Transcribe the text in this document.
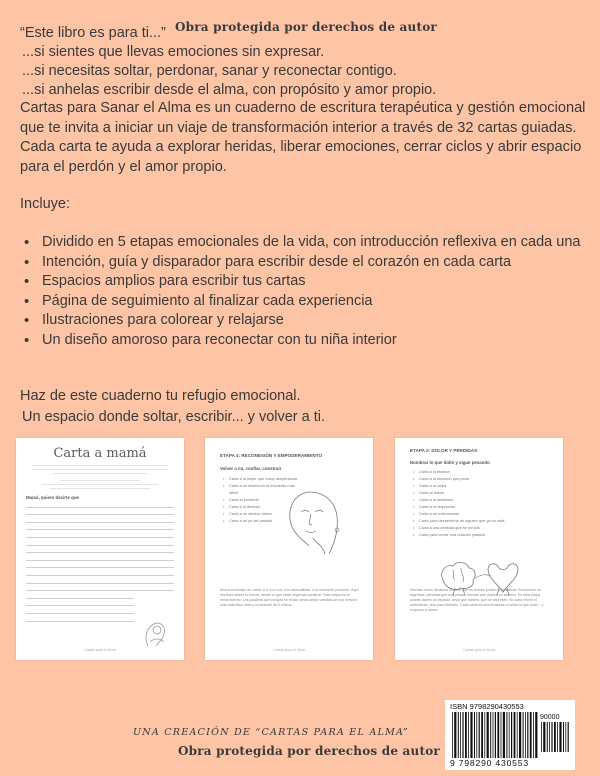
Obra protegida por derechos de autor
“Este libro es para ti...”
...si sientes que llevas emociones sin expresar.
...si necesitas soltar, perdonar, sanar y reconectar contigo.
...si anhelas escribir desde el alma, con propósito y amor propio.
Cartas para Sanar el Alma es un cuaderno de escritura terapéutica y gestión emocional que te invita a iniciar un viaje de transformación interior a través de 32 cartas guiadas. Cada carta te ayuda a explorar heridas, liberar emociones, cerrar ciclos y abrir espacio para el perdón y el amor propio.
Incluye:
• Dividido en 5 etapas emocionales de la vida, con introducción reflexiva en cada una
• Intención, guía y disparador para escribir desde el corazón en cada carta
• Espacios amplios para escribir tus cartas
• Página de seguimiento al finalizar cada experiencia
• Ilustraciones para colorear y relajarse
• Un diseño amoroso para reconectar con tu niña interior
Haz de este cuaderno tu refugio emocional.
Un espacio donde soltar, escribir... y volver a ti.
Carta a mamá
Mamá, quiero decirte que
Cartas para el Alma
ETAPA 4: RECONEXIÓN Y EMPODERAMIENTO
Volver a mí, confiar, construir
• Carta a la mujer que estoy despertando
• Carta a mi misma en el momento más difícil
• Carta al presente
• Carta a la libertad
• Carta a mi versión futura
• Carta a mi yo del pasado
Ahora es tiempo de volver a ti. A tu voz, a tu sensualidad, a tu momento presente. Aquí escribes desde tu fuerza, desde lo que estás eligiendo construir. Esta etapa es un renacimiento. Las palabras que pongas en estas cartas serán semillas de una versión más auténtica, libre y consciente de ti misma.
Cartas para el Alma
ETAPA 2: DOLOR Y PÉRDIDAS
Nombrar lo que dolió y sigue pesando
• Carta a la tristeza
• Carta a la emoción que pesa
• Carta a la culpa
• Carta al miedo
• Carta a la ansiedad
• Carta a mi depresión
• Carta a mi enfermedad
• Carta para despedirme de alguien que ya no está
• Carta a una amistad que se rompió
• Carta para cerrar una relación pasada
Muchas veces llevamos dolores que no hemos puesto en palabras. Emociones no digeridas, pérdidas que aún pesan, heridas que duelen en silencio. En esta etapa, podrás darles un espacio, dejar que hablen, que se expresen. No para revivir el sufrimiento, sino para liberarlo. Cada carta es una invitación a soltar lo que dolió... y empezar a sanar.
Cartas para el Alma
UNA CREACIÓN DE “CARTAS PARA EL ALMA”
Obra protegida por derechos de autor
ISBN 9798290430553
90000
9 798290 430553
